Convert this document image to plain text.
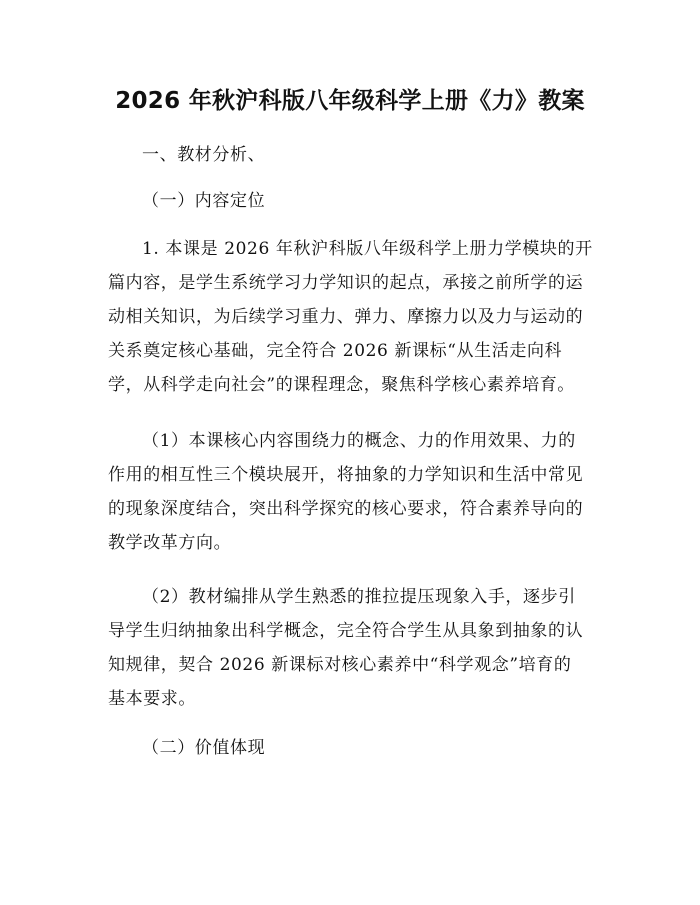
2026 年秋沪科版八年级科学上册《力》教案

一、教材分析、

（一）内容定位

1. 本课是 2026 年秋沪科版八年级科学上册力学模块的开
篇内容，是学生系统学习力学知识的起点，承接之前所学的运
动相关知识，为后续学习重力、弹力、摩擦力以及力与运动的
关系奠定核心基础，完全符合 2026 新课标“从生活走向科
学，从科学走向社会”的课程理念，聚焦科学核心素养培育。
（1）本课核心内容围绕力的概念、力的作用效果、力的
作用的相互性三个模块展开，将抽象的力学知识和生活中常见
的现象深度结合，突出科学探究的核心要求，符合素养导向的
教学改革方向。
（2）教材编排从学生熟悉的推拉提压现象入手，逐步引
导学生归纳抽象出科学概念，完全符合学生从具象到抽象的认
知规律，契合 2026 新课标对核心素养中“科学观念”培育的
基本要求。

（二）价值体现
